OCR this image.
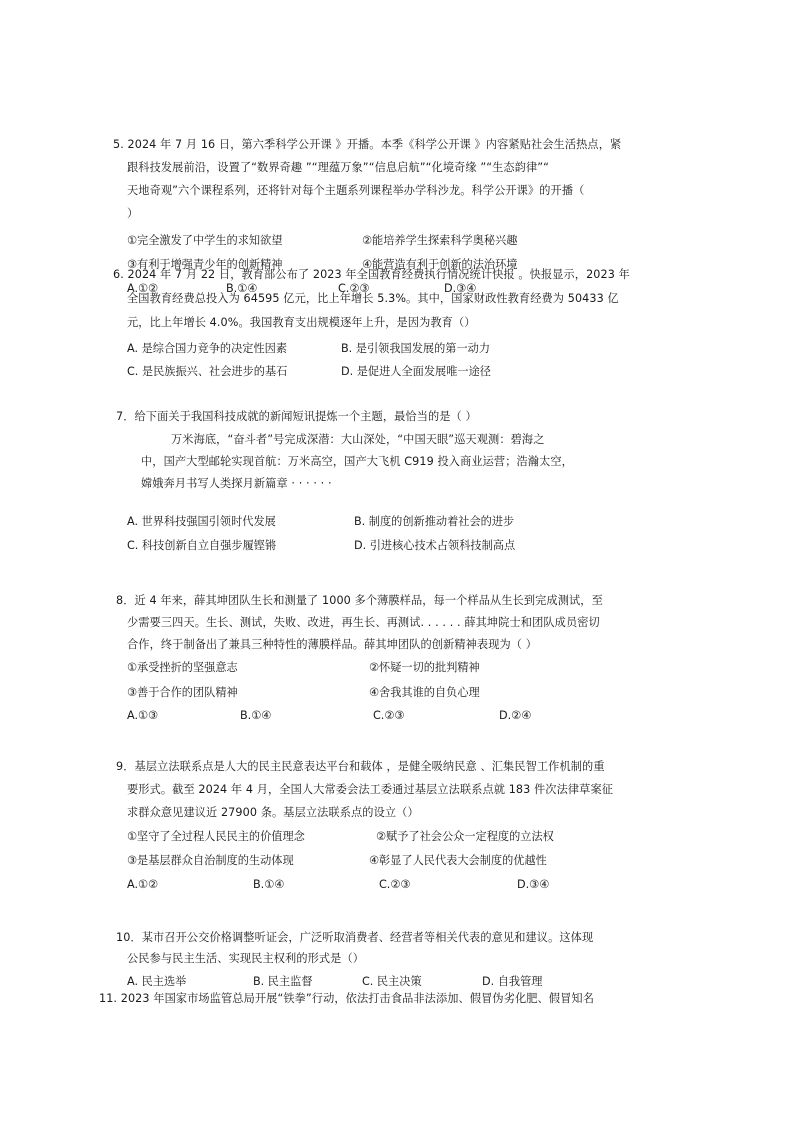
5. 2024 年 7 月 16 日，第六季科学公开课 》开播。本季《科学公开课 》内容紧贴社会生活热点，紧
跟科技发展前沿，设置了“数界奇趣 ”“理蕴万象”“信息启航”“化境奇缘 ”“生态韵律”“
天地奇观”六个课程系列，还将针对每个主题系列课程举办学科沙龙。科学公开课》的开播（
）
①完全激发了中学生的求知欲望	②能培养学生探索科学奥秘兴趣
③有利于增强青少年的创新精神	④能营造有利于创新的法治环境
A.①②	B.①④	C.②③	D.③④
6. 2024 年 7 月 22 日，教育部公布了 2023 年全国教育经费执行情况统计快报 。快报显示，2023 年
全国教育经费总投入为 64595 亿元，比上年增长 5.3%。其中，国家财政性教育经费为 50433 亿
元，比上年增长 4.0%。我国教育支出规模逐年上升，是因为教育（）
A. 是综合国力竞争的决定性因素	B. 是引领我国发展的第一动力
C. 是民族振兴、社会进步的基石	D. 是促进人全面发展唯一途径
7．给下面关于我国科技成就的新闻短讯提炼一个主题，最恰当的是（ ）
万米海底，“奋斗者”号完成深潜：大山深处，“中国天眼”巡天观测：碧海之
中，国产大型邮轮实现首航：万米高空，国产大飞机 C919 投入商业运营；浩瀚太空，
嫦娥奔月书写人类探月新篇章 · · · · · ·
A. 世界科技强国引领时代发展	B. 制度的创新推动着社会的进步
C. 科技创新自立自强步履铿锵	D. 引进核心技术占领科技制高点
8．近 4 年来，薛其坤团队生长和测量了 1000 多个薄膜样品，每一个样品从生长到完成测试，至
少需要三四天。生长、测试，失败、改进，再生长、再测试. . . . . . 薛其坤院士和团队成员密切
合作，终于制备出了兼具三种特性的薄膜样品。薛其坤团队的创新精神表现为（ ）
①承受挫折的坚强意志	②怀疑一切的批判精神
③善于合作的团队精神	④舍我其谁的自负心理
A.①③	B.①④	C.②③	D.②④
9．基层立法联系点是人大的民主民意表达平台和载体 ，是健全吸纳民意 、汇集民智工作机制的重
要形式。截至 2024 年 4 月，全国人大常委会法工委通过基层立法联系点就 183 件次法律草案征
求群众意见建议近 27900 条。基层立法联系点的设立（）
①坚守了全过程人民民主的价值理念	②赋予了社会公众一定程度的立法权
③是基层群众自治制度的生动体现	④彰显了人民代表大会制度的优越性
A.①②	B.①④	C.②③	D.③④
10．某市召开公交价格调整听证会，广泛听取消费者、经营者等相关代表的意见和建议。这体现
公民参与民主生活、实现民主权利的形式是（）
A. 民主选举	B. 民主监督	C. 民主决策	D. 自我管理
11. 2023 年国家市场监管总局开展“铁拳”行动，依法打击食品非法添加、假冒伪劣化肥、假冒知名
